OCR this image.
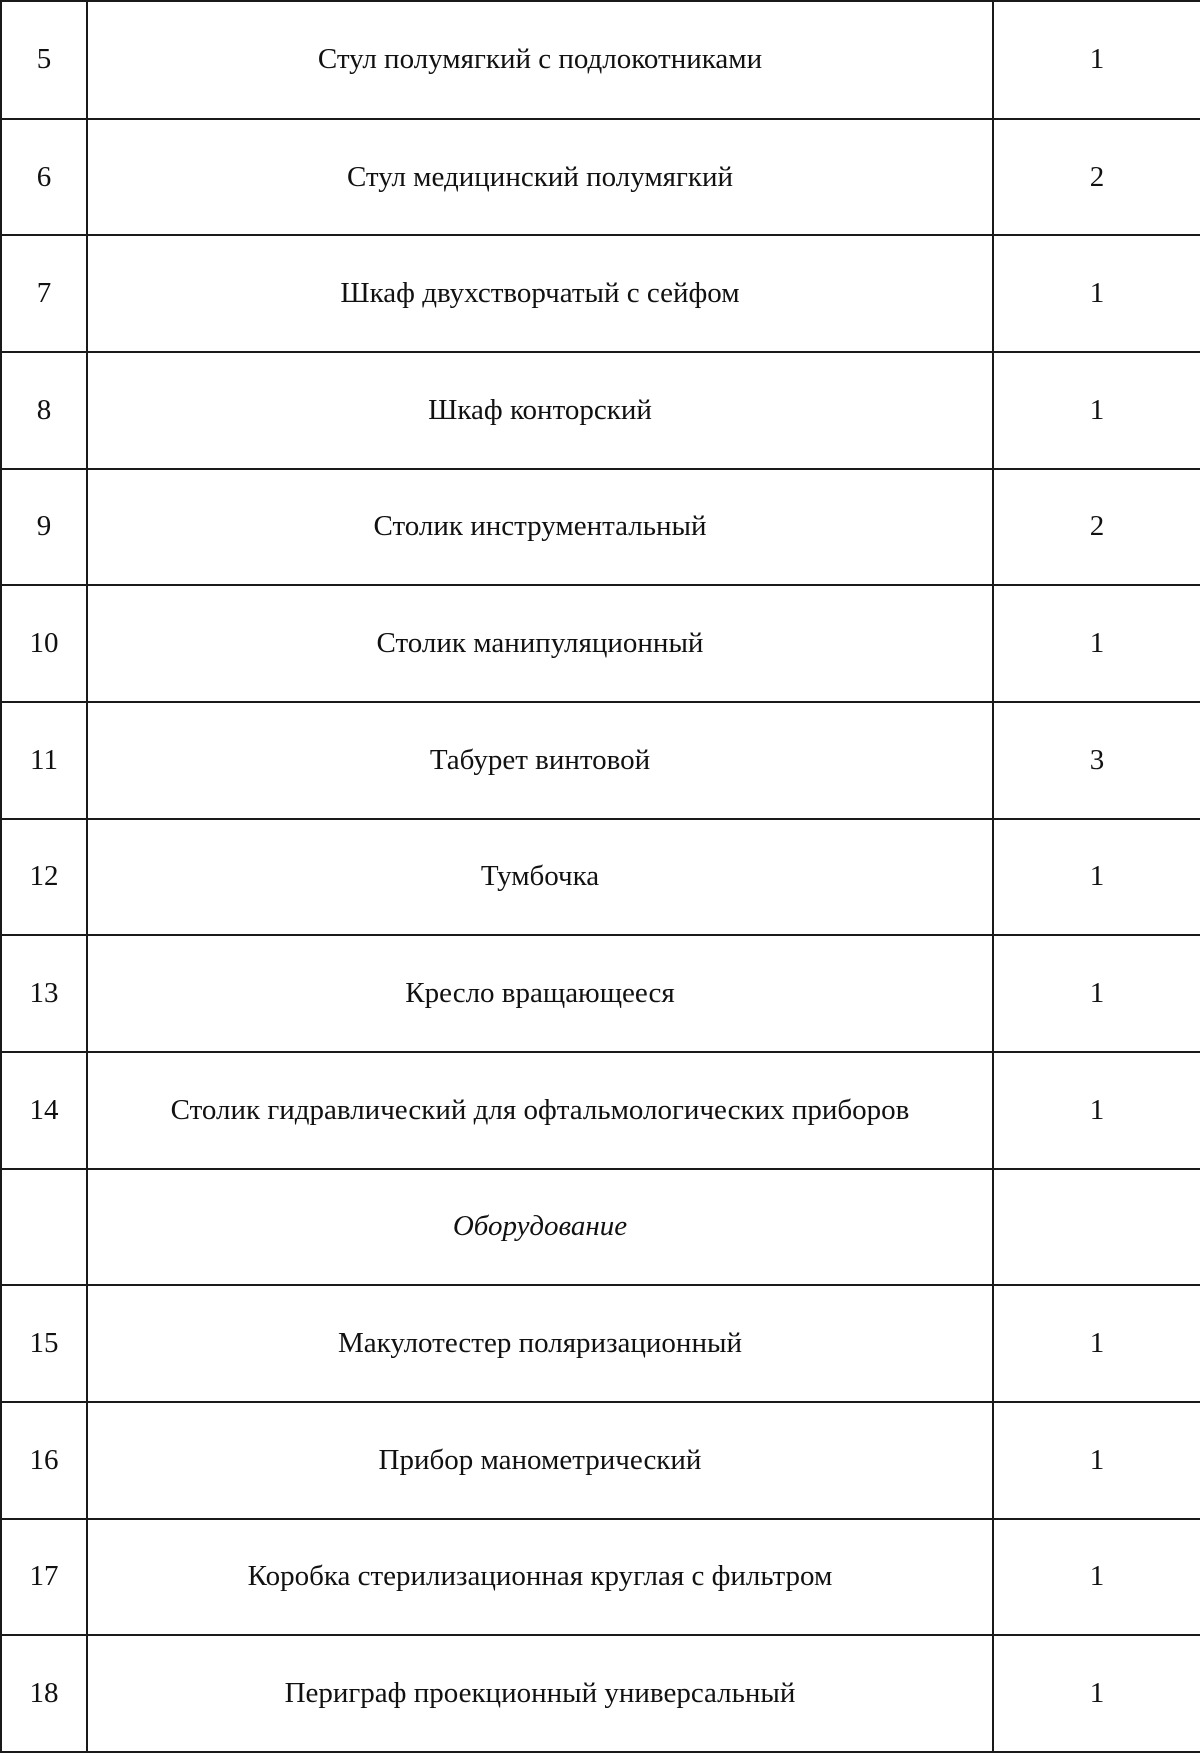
5	Стул полумягкий с подлокотниками	1
6	Стул медицинский полумягкий	2
7	Шкаф двухстворчатый с сейфом	1
8	Шкаф конторский	1
9	Столик инструментальный	2
10	Столик манипуляционный	1
11	Табурет винтовой	3
12	Тумбочка	1
13	Кресло вращающееся	1
14	Столик гидравлический для офтальмологических приборов	1
	Оборудование	
15	Макулотестер поляризационный	1
16	Прибор манометрический	1
17	Коробка стерилизационная круглая с фильтром	1
18	Периграф проекционный универсальный	1
